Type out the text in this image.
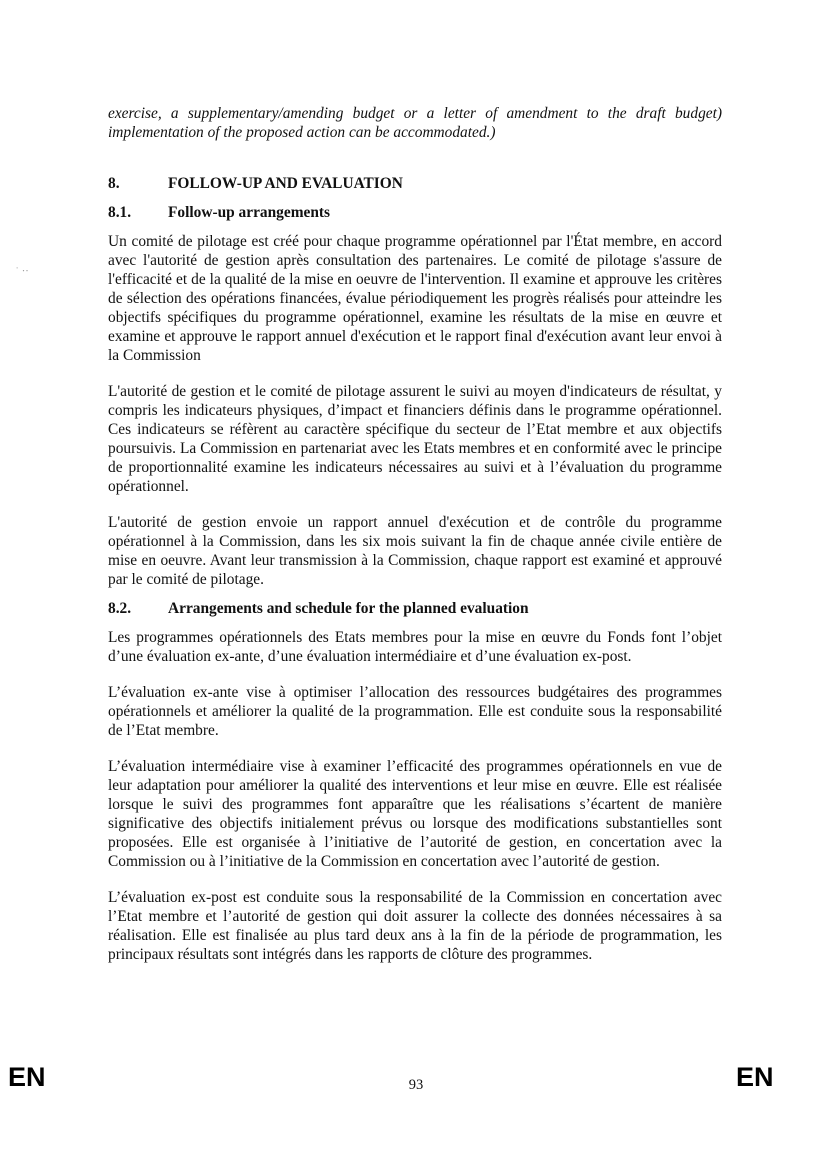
ﾞ ･･

exercise, a supplementary/amending budget or a letter of amendment to the draft budget) implementation of the proposed action can be accommodated.)

8.	FOLLOW-UP AND EVALUATION
8.1.	Follow-up arrangements

Un comité de pilotage est créé pour chaque programme opérationnel par l'État membre, en accord avec l'autorité de gestion après consultation des partenaires. Le comité de pilotage s'assure de l'efficacité et de la qualité de la mise en oeuvre de l'intervention. Il examine et approuve les critères de sélection des opérations financées, évalue périodiquement les progrès réalisés pour atteindre les objectifs spécifiques du programme opérationnel, examine les résultats de la mise en œuvre et examine et approuve le rapport annuel d'exécution et le rapport final d'exécution avant leur envoi à la Commission

L'autorité de gestion et le comité de pilotage assurent le suivi au moyen d'indicateurs de résultat, y compris les indicateurs physiques, d’impact et financiers définis dans le programme opérationnel. Ces indicateurs se réfèrent au caractère spécifique du secteur de l’Etat membre et aux objectifs poursuivis. La Commission en partenariat avec les Etats membres et en conformité avec le principe de proportionnalité examine les indicateurs nécessaires au suivi et à l’évaluation du programme opérationnel.

L'autorité de gestion envoie un rapport annuel d'exécution et de contrôle du programme opérationnel à la Commission, dans les six mois suivant la fin de chaque année civile entière de mise en oeuvre. Avant leur transmission à la Commission, chaque rapport est examiné et approuvé par le comité de pilotage.

8.2.	Arrangements and schedule for the planned evaluation

Les programmes opérationnels des Etats membres pour la mise en œuvre du Fonds font l’objet d’une évaluation ex-ante, d’une évaluation intermédiaire et d’une évaluation ex-post.

L’évaluation ex-ante vise à optimiser l’allocation des ressources budgétaires des programmes opérationnels et améliorer la qualité de la programmation. Elle est conduite sous la responsabilité de l’Etat membre.

L’évaluation intermédiaire vise à examiner l’efficacité des programmes opérationnels en vue de leur adaptation pour améliorer la qualité des interventions et leur mise en œuvre. Elle est réalisée lorsque le suivi des programmes font apparaître que les réalisations s’écartent de manière significative des objectifs initialement prévus ou lorsque des modifications substantielles sont proposées. Elle est organisée à l’initiative de l’autorité de gestion, en concertation avec la Commission ou à l’initiative de la Commission en concertation avec l’autorité de gestion.

L’évaluation ex-post est conduite sous la responsabilité de la Commission en concertation avec l’Etat membre et l’autorité de gestion qui doit assurer la collecte des données nécessaires à sa réalisation. Elle est finalisée au plus tard deux ans à la fin de la période de programmation, les principaux résultats sont intégrés dans les rapports de clôture des programmes.

EN	93	EN
